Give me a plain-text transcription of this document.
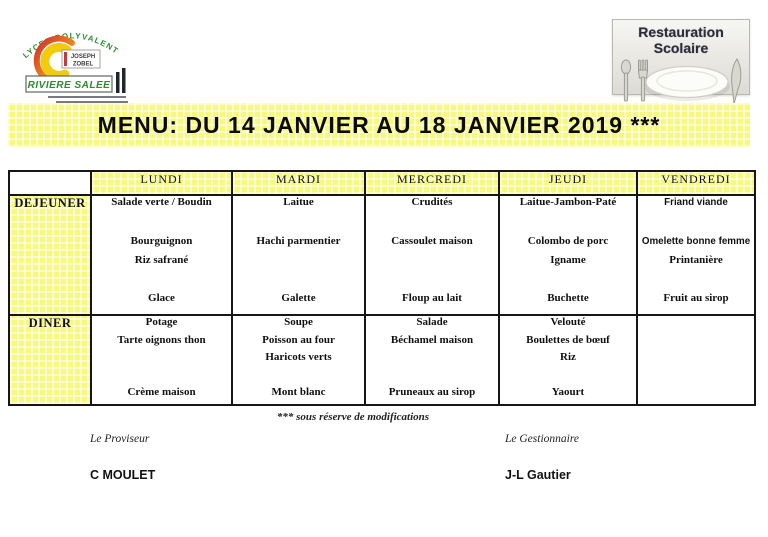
LYCEE POLYVALENT
JOSEPH
ZOBEL
RIVIERE SALEE
Restauration Scolaire
MENU: DU 14 JANVIER AU 18 JANVIER 2019 ***
	LUNDI	MARDI	MERCREDI	JEUDI	VENDREDI
DEJEUNER	Salade verte / Boudin
Bourguignon
Riz safrané
Glace

Laitue
Hachi parmentier
Galette

Crudités
Cassoulet maison
Floup au lait

Laitue-Jambon-Paté
Colombo de porc
Igname
Buchette

Friand viande
Omelette bonne femme
Printanière
Fruit au sirop

DINER	Potage
Tarte oignons thon
Crème maison

Soupe
Poisson au four
Haricots verts
Mont blanc

Salade
Béchamel maison
Pruneaux au sirop

Velouté
Boulettes de bœuf
Riz
Yaourt

*** sous réserve de modifications
Le Proviseur
C MOULET
Le Gestionnaire
J-L Gautier
